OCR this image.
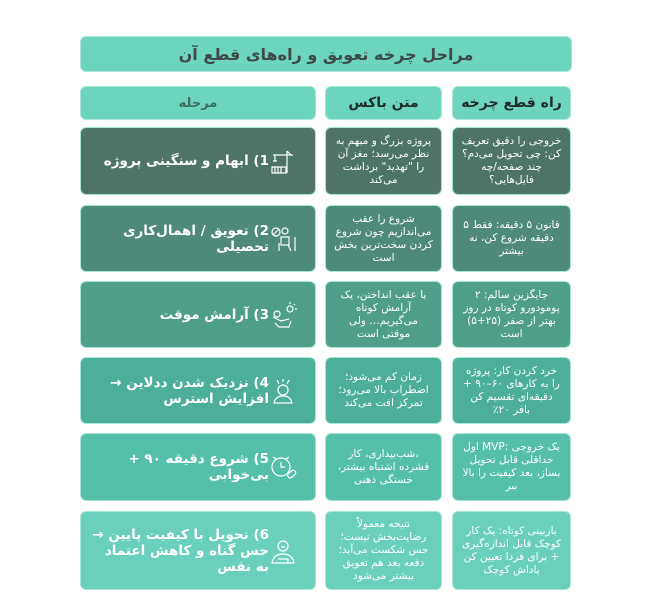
مراحل چرخه تعویق و راه‌های قطع آن
مرحله	متن باکس	راه قطع چرخه
1) ابهام و سنگینی پروژه
پروژه بزرگ و مبهم به نظر می‌رسد؛ مغز آن را "تهدید" برداشت می‌کند
خروجی را دقیق تعریف کن: چی تحویل می‌دم؟ چند صفحه/چه فایل‌هایی؟
2) تعویق / اهمال‌کاری تحصیلی
شروع را عقب می‌اندازیم چون شروع کردن سخت‌ترین بخش است
قانون ۵ دقیقه: فقط ۵ دقیقه شروع کن، نه بیشتر
3) آرامش موقت
با عقب انداختن، یک آرامش کوتاه می‌گیریم… ولی موقتی است
جایگزین سالم: ۲ پومودورو کوتاه در روز بهتر از صفر (۲۵+۵) است
4) نزدیک شدن ددلاین → افزایش استرس
زمان کم می‌شود؛ اضطراب بالا می‌رود؛ تمرکز افت می‌کند
خرد کردن کار: پروژه را به کارهای ۶۰–۹۰ + دقیقه‌ای تقسیم کن بافر ۲۰٪
5) شروع دقیقه ۹۰ + بی‌خوابی
،شب‌بیداری، کار فشرده اشتباه بیشتر، خستگی ذهنی
یک خروجی :MVP اول حداقلی قابل تحویل بساز، بعد کیفیت را بالا ببر
6) تحویل با کیفیت پایین → حس گناه و کاهش اعتماد به نفس
نتیجه معمولاً رضایت‌بخش نیست؛ حس شکست می‌آید؛ دفعه بعد هم تعویق بیشتر می‌شود
بازبینی کوتاه: یک کار کوچک قابل اندازه‌گیری + برای فردا تعیین کن پاداش کوچک
